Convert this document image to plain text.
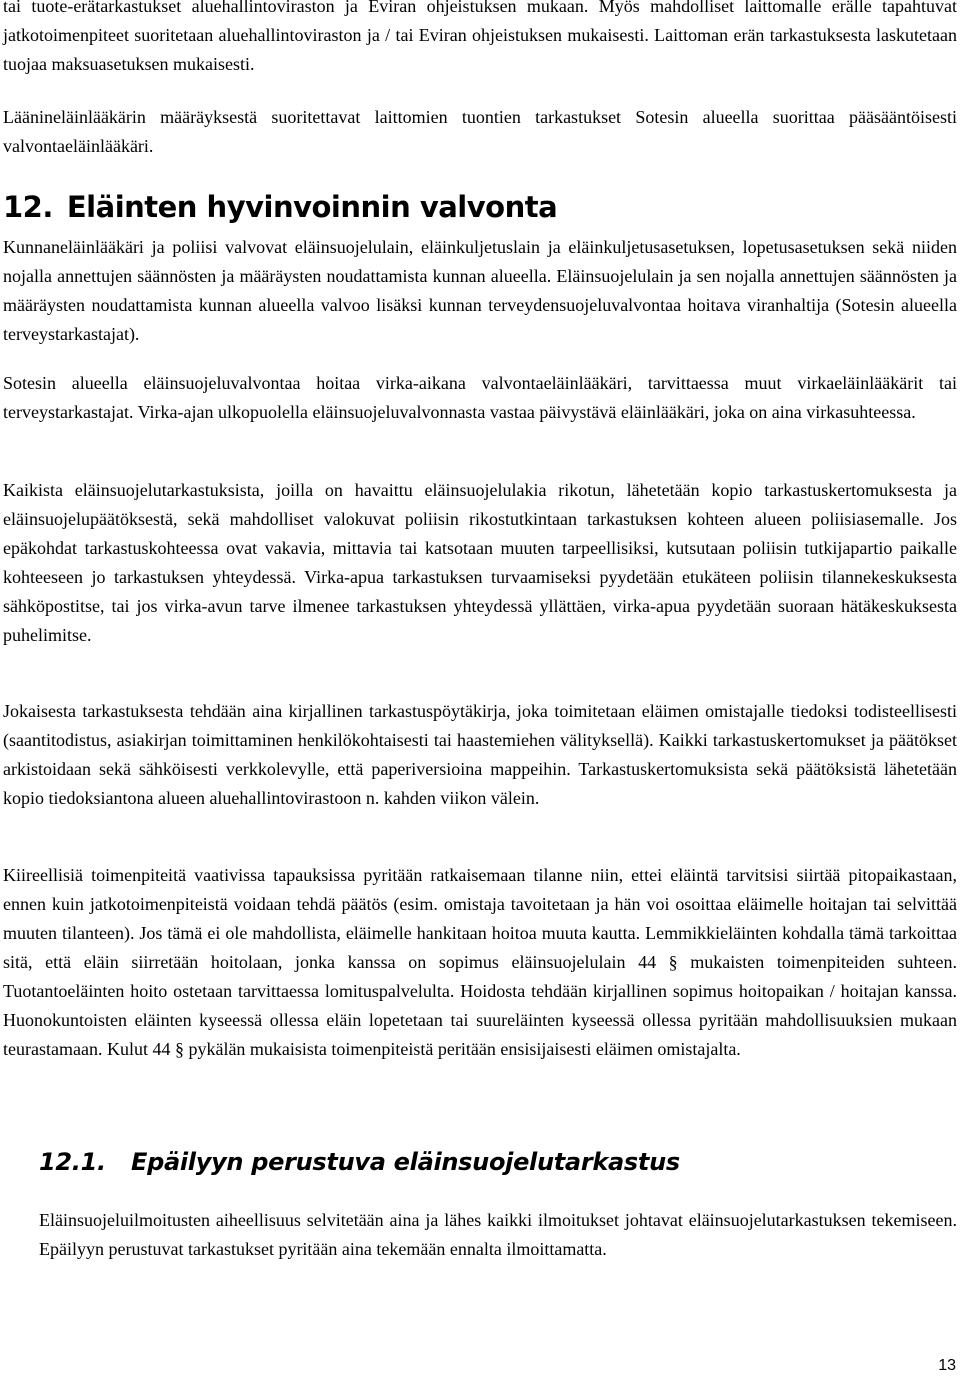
tai tuote-erätarkastukset aluehallintoviraston ja Eviran ohjeistuksen mukaan. Myös mahdolliset laittomalle erälle tapahtuvat jatkotoimenpiteet suoritetaan aluehallintoviraston ja / tai Eviran ohjeistuksen mukaisesti. Laittoman erän tarkastuksesta laskutetaan tuojaa maksuasetuksen mukaisesti.

Läänineläinlääkärin määräyksestä suoritettavat laittomien tuontien tarkastukset Sotesin alueella suorittaa pääsääntöisesti valvontaeläinlääkäri.

12. Eläinten hyvinvoinnin valvonta

Kunnaneläinlääkäri ja poliisi valvovat eläinsuojelulain, eläinkuljetuslain ja eläinkuljetusasetuksen, lopetusasetuksen sekä niiden nojalla annettujen säännösten ja määräysten noudattamista kunnan alueella. Eläinsuojelulain ja sen nojalla annettujen säännösten ja määräysten noudattamista kunnan alueella valvoo lisäksi kunnan terveydensuojeluvalvontaa hoitava viranhaltija (Sotesin alueella terveystarkastajat).

Sotesin alueella eläinsuojeluvalvontaa hoitaa virka-aikana valvontaeläinlääkäri, tarvittaessa muut virkaeläinlääkärit tai terveystarkastajat. Virka-ajan ulkopuolella eläinsuojeluvalvonnasta vastaa päivystävä eläinlääkäri, joka on aina virkasuhteessa.

Kaikista eläinsuojelutarkastuksista, joilla on havaittu eläinsuojelulakia rikotun, lähetetään kopio tarkastuskertomuksesta ja eläinsuojelupäätöksestä, sekä mahdolliset valokuvat poliisin rikostutkintaan tarkastuksen kohteen alueen poliisiasemalle. Jos epäkohdat tarkastuskohteessa ovat vakavia, mittavia tai katsotaan muuten tarpeellisiksi, kutsutaan poliisin tutkijapartio paikalle kohteeseen jo tarkastuksen yhteydessä. Virka-apua tarkastuksen turvaamiseksi pyydetään etukäteen poliisin tilannekeskuksesta sähköpostitse, tai jos virka-avun tarve ilmenee tarkastuksen yhteydessä yllättäen, virka-apua pyydetään suoraan hätäkeskuksesta puhelimitse.

Jokaisesta tarkastuksesta tehdään aina kirjallinen tarkastuspöytäkirja, joka toimitetaan eläimen omistajalle tiedoksi todisteellisesti (saantitodistus, asiakirjan toimittaminen henkilökohtaisesti tai haastemiehen välityksellä). Kaikki tarkastuskertomukset ja päätökset arkistoidaan sekä sähköisesti verkkolevylle, että paperiversioina mappeihin. Tarkastuskertomuksista sekä päätöksistä lähetetään kopio tiedoksiantona alueen aluehallintovirastoon n. kahden viikon välein.

Kiireellisiä toimenpiteitä vaativissa tapauksissa pyritään ratkaisemaan tilanne niin, ettei eläintä tarvitsisi siirtää pitopaikastaan, ennen kuin jatkotoimenpiteistä voidaan tehdä päätös (esim. omistaja tavoitetaan ja hän voi osoittaa eläimelle hoitajan tai selvittää muuten tilanteen). Jos tämä ei ole mahdollista, eläimelle hankitaan hoitoa muuta kautta. Lemmikkieläinten kohdalla tämä tarkoittaa sitä, että eläin siirretään hoitolaan, jonka kanssa on sopimus eläinsuojelulain 44 § mukaisten toimenpiteiden suhteen. Tuotantoeläinten hoito ostetaan tarvittaessa lomituspalvelulta. Hoidosta tehdään kirjallinen sopimus hoitopaikan / hoitajan kanssa. Huonokuntoisten eläinten kyseessä ollessa eläin lopetetaan tai suureläinten kyseessä ollessa pyritään mahdollisuuksien mukaan teurastamaan. Kulut 44 § pykälän mukaisista toimenpiteistä peritään ensisijaisesti eläimen omistajalta.

12.1. Epäilyyn perustuva eläinsuojelutarkastus

Eläinsuojeluilmoitusten aiheellisuus selvitetään aina ja lähes kaikki ilmoitukset johtavat eläinsuojelutarkastuksen tekemiseen. Epäilyyn perustuvat tarkastukset pyritään aina tekemään ennalta ilmoittamatta.

13
